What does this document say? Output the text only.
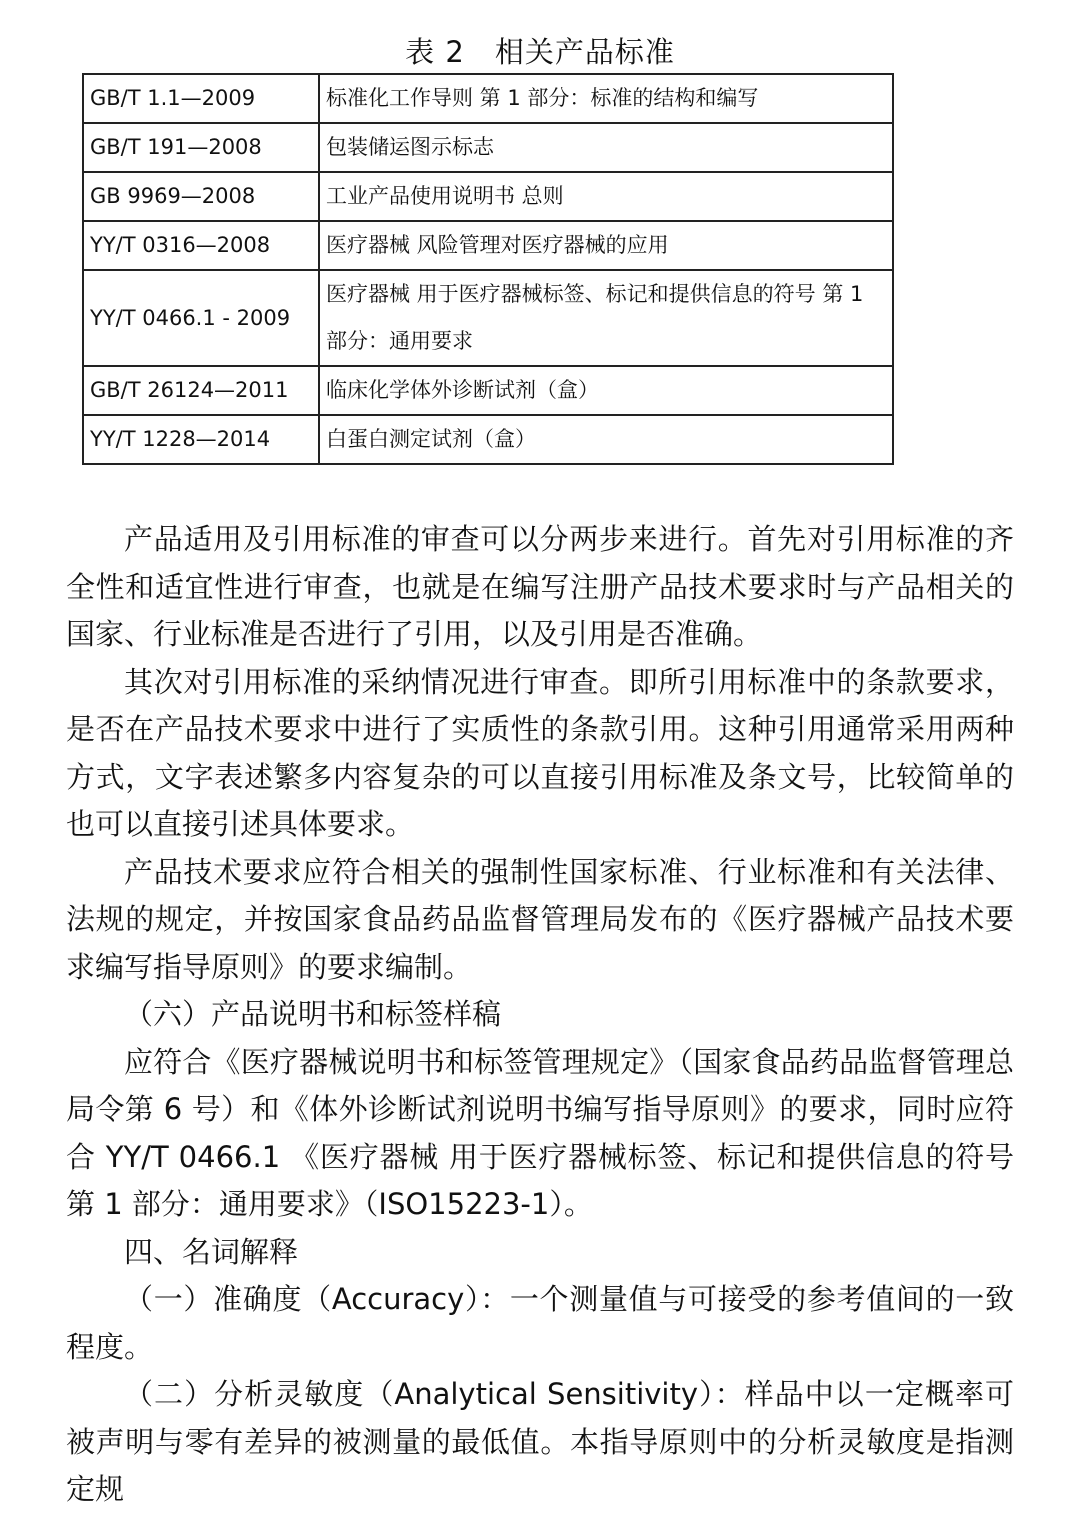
表 2　相关产品标准
GB/T 1.1—2009	标准化工作导则 第 1 部分：标准的结构和编写
GB/T 191—2008	包装储运图示标志
GB 9969—2008	工业产品使用说明书 总则
YY/T 0316—2008	医疗器械 风险管理对医疗器械的应用
YY/T 0466.1 - 2009	医疗器械 用于医疗器械标签、标记和提供信息的符号 第 1 部分：通用要求
GB/T 26124—2011	临床化学体外诊断试剂（盒）
YY/T 1228—2014	白蛋白测定试剂（盒）

产品适用及引用标准的审查可以分两步来进行。首先对引用标准的齐全性和适宜性进行审查，也就是在编写注册产品技术要求时与产品相关的国家、行业标准是否进行了引用，以及引用是否准确。

其次对引用标准的采纳情况进行审查。即所引用标准中的条款要求，是否在产品技术要求中进行了实质性的条款引用。这种引用通常采用两种方式，文字表述繁多内容复杂的可以直接引用标准及条文号，比较简单的也可以直接引述具体要求。

产品技术要求应符合相关的强制性国家标准、行业标准和有关法律、法规的规定，并按国家食品药品监督管理局发布的《医疗器械产品技术要求编写指导原则》的要求编制。

（六）产品说明书和标签样稿

应符合《医疗器械说明书和标签管理规定》（国家食品药品监督管理总局令第 6 号）和《体外诊断试剂说明书编写指导原则》的要求，同时应符合 YY/T 0466.1 《医疗器械 用于医疗器械标签、标记和提供信息的符号 第 1 部分：通用要求》（ISO15223-1）。

四、名词解释

（一）准确度（Accuracy）：一个测量值与可接受的参考值间的一致程度。

（二）分析灵敏度（Analytical Sensitivity）：样品中以一定概率可被声明与零有差异的被测量的最低值。本指导原则中的分析灵敏度是指测定规
